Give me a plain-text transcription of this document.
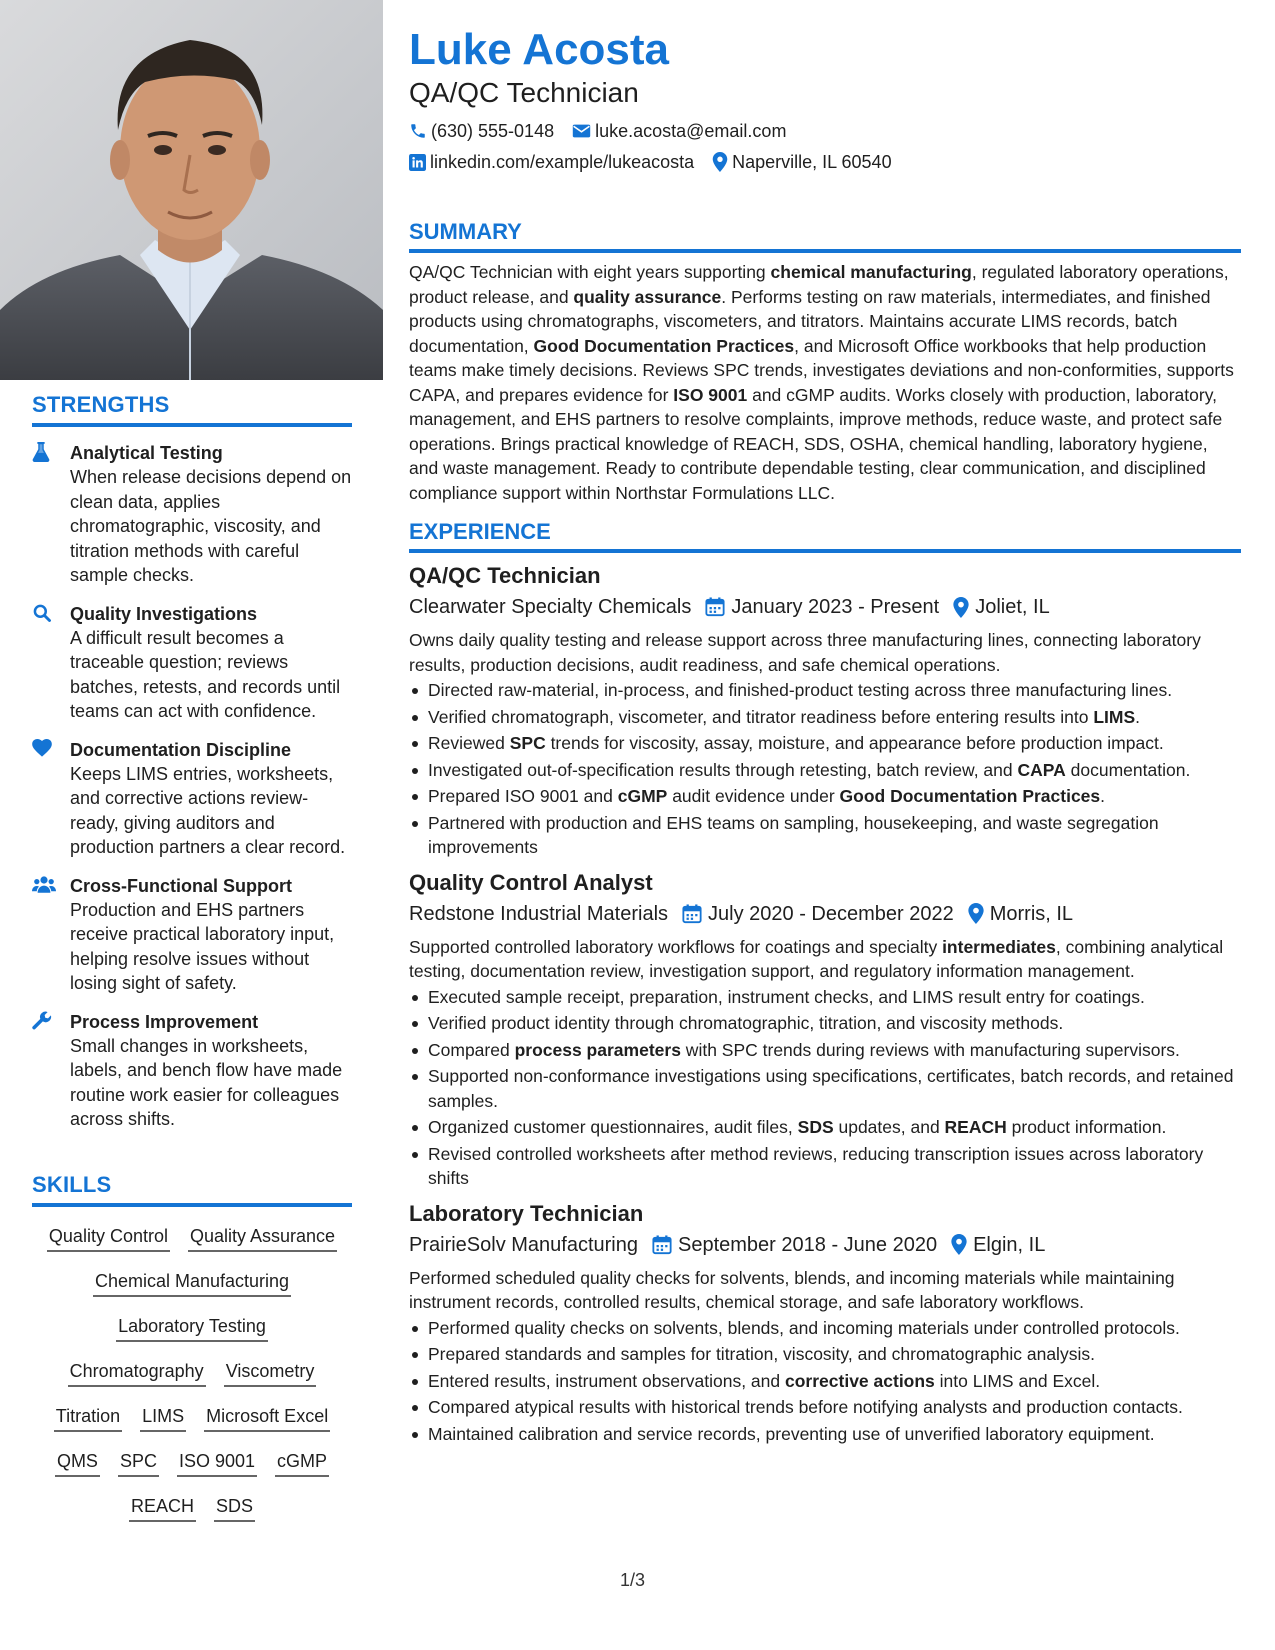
STRENGTHS
Analytical Testing
When release decisions depend on clean data, applies chromatographic, viscosity, and titration methods with careful sample checks.
Quality Investigations
A difficult result becomes a traceable question; reviews batches, retests, and records until teams can act with confidence.
Documentation Discipline
Keeps LIMS entries, worksheets, and corrective actions review-ready, giving auditors and production partners a clear record.
Cross-Functional Support
Production and EHS partners receive practical laboratory input, helping resolve issues without losing sight of safety.
Process Improvement
Small changes in worksheets, labels, and bench flow have made routine work easier for colleagues across shifts.
SKILLS
Quality Control Quality Assurance
Chemical Manufacturing
Laboratory Testing
Chromatography Viscometry
Titration LIMS Microsoft Excel
QMS SPC ISO 9001 cGMP
REACH SDS
Luke Acosta
QA/QC Technician
(630) 555-0148 luke.acosta@email.com
linkedin.com/example/lukeacosta Naperville, IL 60540
SUMMARY

QA/QC Technician with eight years supporting chemical manufacturing, regulated laboratory operations, product release, and quality assurance. Performs testing on raw materials, intermediates, and finished products using chromatographs, viscometers, and titrators. Maintains accurate LIMS records, batch documentation, Good Documentation Practices, and Microsoft Office workbooks that help production teams make timely decisions. Reviews SPC trends, investigates deviations and non-conformities, supports CAPA, and prepares evidence for ISO 9001 and cGMP audits. Works closely with production, laboratory, management, and EHS partners to resolve complaints, improve methods, reduce waste, and protect safe operations. Brings practical knowledge of REACH, SDS, OSHA, chemical handling, laboratory hygiene, and waste management. Ready to contribute dependable testing, clear communication, and disciplined compliance support within Northstar Formulations LLC.

EXPERIENCE
QA/QC Technician
Clearwater Specialty Chemicals January 2023 - Present Joliet, IL

Owns daily quality testing and release support across three manufacturing lines, connecting laboratory results, production decisions, audit readiness, and safe chemical operations.

Directed raw-material, in-process, and finished-product testing across three manufacturing lines.
Verified chromatograph, viscometer, and titrator readiness before entering results into LIMS.
Reviewed SPC trends for viscosity, assay, moisture, and appearance before production impact.
Investigated out-of-specification results through retesting, batch review, and CAPA documentation.
Prepared ISO 9001 and cGMP audit evidence under Good Documentation Practices.
Partnered with production and EHS teams on sampling, housekeeping, and waste segregation improvements
Quality Control Analyst
Redstone Industrial Materials July 2020 - December 2022 Morris, IL

Supported controlled laboratory workflows for coatings and specialty intermediates, combining analytical testing, documentation review, investigation support, and regulatory information management.

Executed sample receipt, preparation, instrument checks, and LIMS result entry for coatings.
Verified product identity through chromatographic, titration, and viscosity methods.
Compared process parameters with SPC trends during reviews with manufacturing supervisors.
Supported non-conformance investigations using specifications, certificates, batch records, and retained samples.
Organized customer questionnaires, audit files, SDS updates, and REACH product information.
Revised controlled worksheets after method reviews, reducing transcription issues across laboratory shifts
Laboratory Technician
PrairieSolv Manufacturing September 2018 - June 2020 Elgin, IL

Performed scheduled quality checks for solvents, blends, and incoming materials while maintaining instrument records, controlled results, chemical storage, and safe laboratory workflows.

Performed quality checks on solvents, blends, and incoming materials under controlled protocols.
Prepared standards and samples for titration, viscosity, and chromatographic analysis.
Entered results, instrument observations, and corrective actions into LIMS and Excel.
Compared atypical results with historical trends before notifying analysts and production contacts.
Maintained calibration and service records, preventing use of unverified laboratory equipment.
1/3
